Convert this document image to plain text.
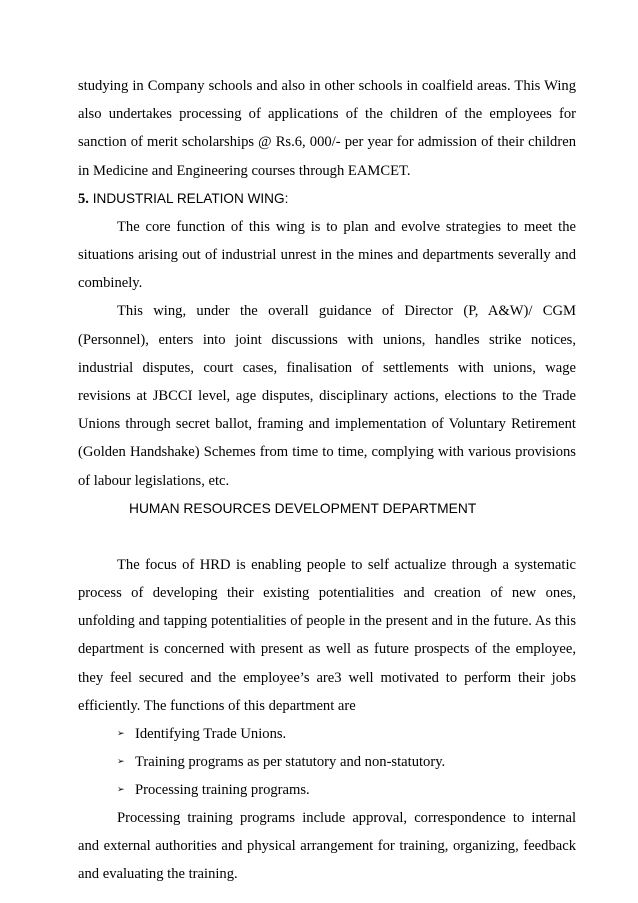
studying in Company schools and also in other schools in coalfield areas. This Wing also undertakes processing of applications of the children of the employees for sanction of merit scholarships @ Rs.6, 000/- per year for admission of their children in Medicine and Engineering courses through EAMCET.

5. INDUSTRIAL RELATION WING:

The core function of this wing is to plan and evolve strategies to meet the situations arising out of industrial unrest in the mines and departments severally and combinely.

This wing, under the overall guidance of Director (P, A&W)/ CGM (Personnel), enters into joint discussions with unions, handles strike notices, industrial disputes, court cases, finalisation of settlements with unions, wage revisions at JBCCI level, age disputes, disciplinary actions, elections to the Trade Unions through secret ballot, framing and implementation of Voluntary Retirement (Golden Handshake) Schemes from time to time, complying with various provisions of labour legislations, etc.

HUMAN RESOURCES DEVELOPMENT DEPARTMENT

The focus of HRD is enabling people to self actualize through a systematic process of developing their existing potentialities and creation of new ones, unfolding and tapping potentialities of people in the present and in the future. As this department is concerned with present as well as future prospects of the employee, they feel secured and the employee’s are3 well motivated to perform their jobs efficiently. The functions of this department are

➢ Identifying Trade Unions.
➢ Training programs as per statutory and non-statutory.
➢ Processing training programs.

Processing training programs include approval, correspondence to internal and external authorities and physical arrangement for training, organizing, feedback and evaluating the training.
